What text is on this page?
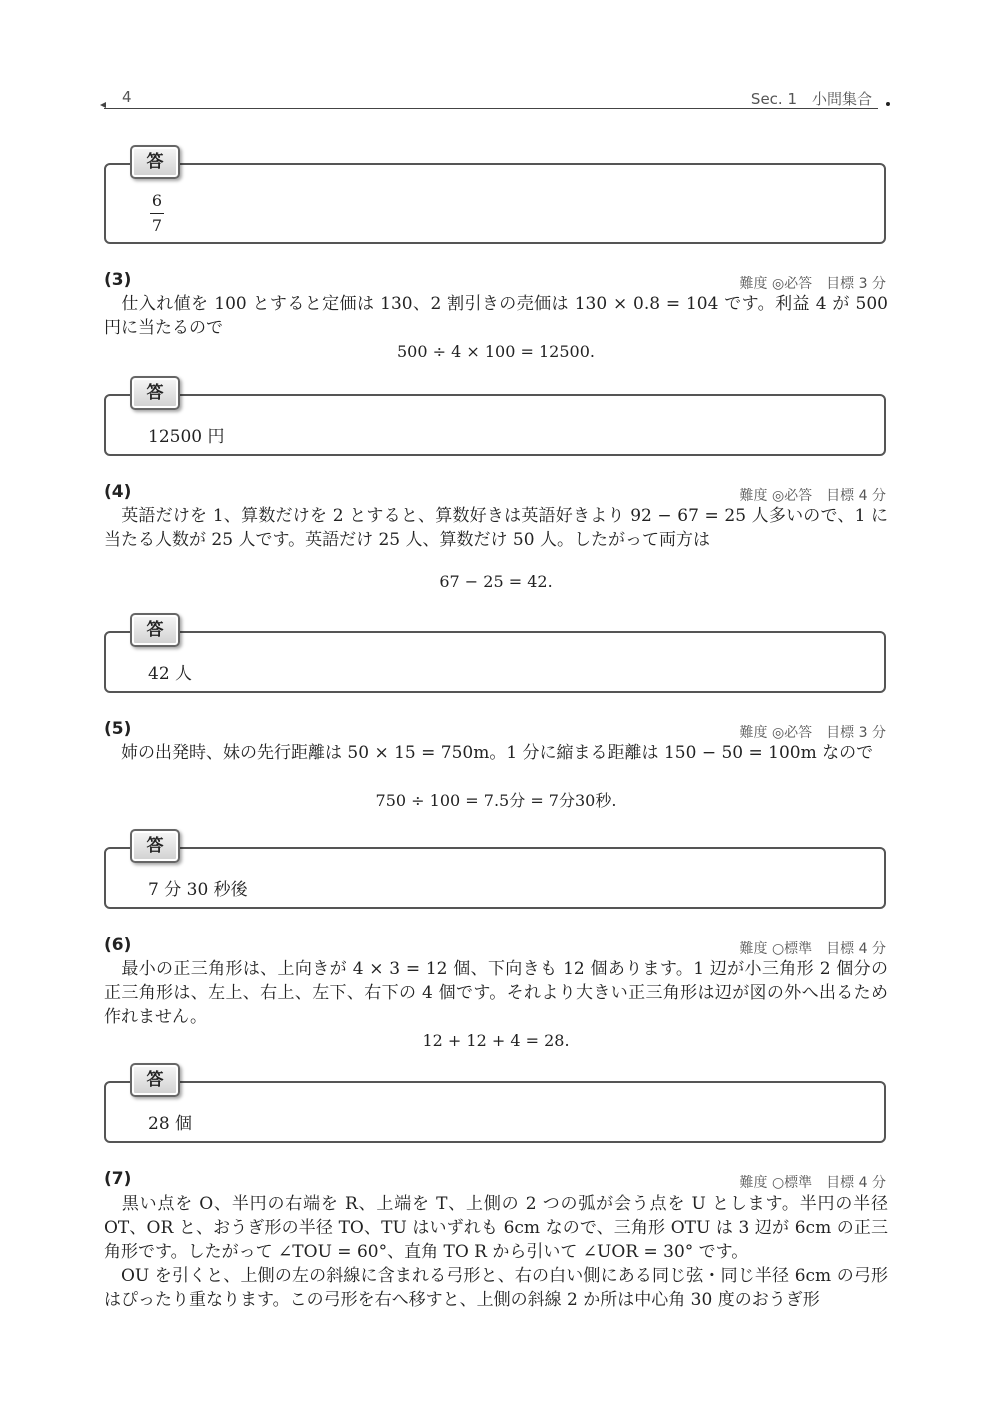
4	Sec. 1　小問集合
答
6
7
(3)	難度 ◎必答　目標 3 分

仕入れ値を 100 とすると定価は 130、2 割引きの売価は 130 × 0.8 = 104 です。利益 4 が 500 円に当たるので

500 ÷ 4 × 100 = 12500.
答
12500 円
(4)	難度 ◎必答　目標 4 分

英語だけを 1、算数だけを 2 とすると、算数好きは英語好きより 92 − 67 = 25 人多いので、1 に当たる人数が 25 人です。英語だけ 25 人、算数だけ 50 人。したがって両方は

67 − 25 = 42.
答
42 人
(5)	難度 ◎必答　目標 3 分

姉の出発時、妹の先行距離は 50 × 15 = 750m。1 分に縮まる距離は 150 − 50 = 100m なので

750 ÷ 100 = 7.5分 = 7分30秒.
答
7 分 30 秒後
(6)	難度 ○標準　目標 4 分

最小の正三角形は、上向きが 4 × 3 = 12 個、下向きも 12 個あります。1 辺が小三角形 2 個分の正三角形は、左上、右上、左下、右下の 4 個です。それより大きい正三角形は辺が図の外へ出るため作れません。

12 + 12 + 4 = 28.
答
28 個
(7)	難度 ○標準　目標 4 分

黒い点を O、半円の右端を R、上端を T、上側の 2 つの弧が会う点を U とします。半円の半径 OT、OR と、おうぎ形の半径 TO、TU はいずれも 6cm なので、三角形 OTU は 3 辺が 6cm の正三角形です。したがって ∠TOU = 60°、直角 TO R から引いて ∠UOR = 30° です。

OU を引くと、上側の左の斜線に含まれる弓形と、右の白い側にある同じ弦・同じ半径 6cm の弓形はぴったり重なります。この弓形を右へ移すと、上側の斜線 2 か所は中心角 30 度のおうぎ形
